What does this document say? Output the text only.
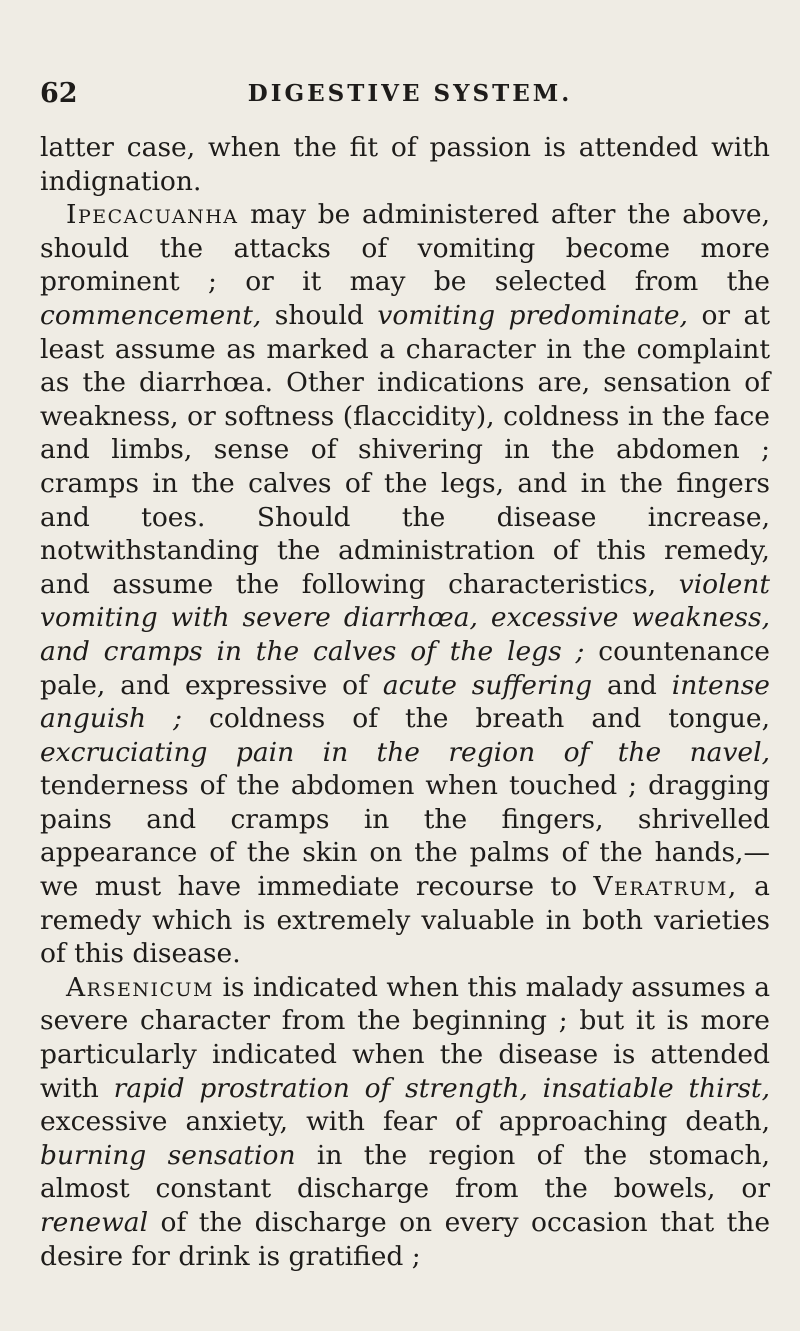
62	DIGESTIVE SYSTEM.

latter case, when the fit of passion is attended with indignation.

Ipecacuanha may be administered after the above, should the attacks of vomiting become more prominent ; or it may be selected from the commencement, should vomiting predominate, or at least assume as marked a character in the complaint as the diarrhœa. Other indications are, sensation of weakness, or softness (flaccidity), coldness in the face and limbs, sense of shivering in the abdomen ; cramps in the calves of the legs, and in the fingers and toes. Should the disease increase, notwithstanding the administration of this remedy, and assume the following characteristics, violent vomiting with severe diarrhœa, excessive weakness, and cramps in the calves of the legs ; countenance pale, and expressive of acute suffering and intense anguish ; coldness of the breath and tongue, excruciating pain in the region of the navel, tenderness of the abdomen when touched ; dragging pains and cramps in the fingers, shrivelled appearance of the skin on the palms of the hands,—we must have immediate recourse to Veratrum, a remedy which is extremely valuable in both varieties of this disease.

Arsenicum is indicated when this malady assumes a severe character from the beginning ; but it is more particularly indicated when the disease is attended with rapid prostration of strength, insatiable thirst, excessive anxiety, with fear of approaching death, burning sensation in the region of the stomach, almost constant discharge from the bowels, or renewal of the discharge on every occasion that the desire for drink is gratified ;
